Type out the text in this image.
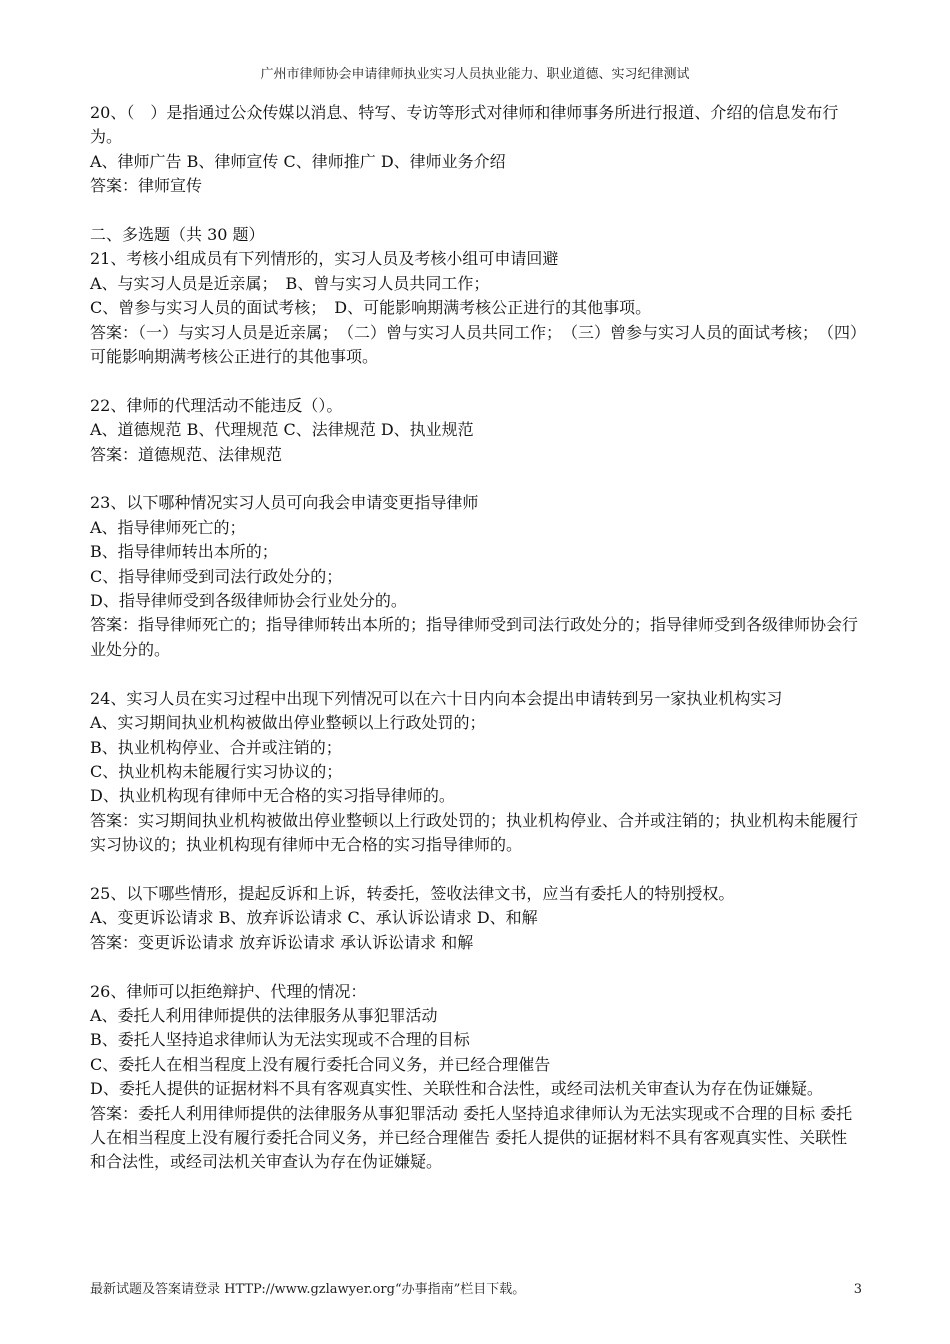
广州市律师协会申请律师执业实习人员执业能力、职业道德、实习纪律测试

20、（　）是指通过公众传媒以消息、特写、专访等形式对律师和律师事务所进行报道、介绍的信息发布行为。

A、律师广告 B、律师宣传 C、律师推广 D、律师业务介绍

答案：律师宣传

二、多选题（共 30 题）

21、考核小组成员有下列情形的，实习人员及考核小组可申请回避

A、与实习人员是近亲属；　B、曾与实习人员共同工作；

C、曾参与实习人员的面试考核；　D、可能影响期满考核公正进行的其他事项。

答案：（一）与实习人员是近亲属；　（二）曾与实习人员共同工作；　（三）曾参与实习人员的面试考核；　（四）可能影响期满考核公正进行的其他事项。

22、律师的代理活动不能违反（）。

A、道德规范 B、代理规范 C、法律规范 D、执业规范

答案：道德规范、法律规范

23、以下哪种情况实习人员可向我会申请变更指导律师

A、指导律师死亡的；

B、指导律师转出本所的；

C、指导律师受到司法行政处分的；

D、指导律师受到各级律师协会行业处分的。

答案：指导律师死亡的；指导律师转出本所的；指导律师受到司法行政处分的；指导律师受到各级律师协会行业处分的。

24、实习人员在实习过程中出现下列情况可以在六十日内向本会提出申请转到另一家执业机构实习

A、实习期间执业机构被做出停业整顿以上行政处罚的；

B、执业机构停业、合并或注销的；

C、执业机构未能履行实习协议的；

D、执业机构现有律师中无合格的实习指导律师的。

答案：实习期间执业机构被做出停业整顿以上行政处罚的；执业机构停业、合并或注销的；执业机构未能履行实习协议的；执业机构现有律师中无合格的实习指导律师的。

25、以下哪些情形，提起反诉和上诉，转委托，签收法律文书，应当有委托人的特别授权。

A、变更诉讼请求 B、放弃诉讼请求 C、承认诉讼请求 D、和解

答案：变更诉讼请求 放弃诉讼请求 承认诉讼请求 和解

26、律师可以拒绝辩护、代理的情况：

A、委托人利用律师提供的法律服务从事犯罪活动

B、委托人坚持追求律师认为无法实现或不合理的目标

C、委托人在相当程度上没有履行委托合同义务，并已经合理催告

D、委托人提供的证据材料不具有客观真实性、关联性和合法性，或经司法机关审查认为存在伪证嫌疑。

答案：委托人利用律师提供的法律服务从事犯罪活动 委托人坚持追求律师认为无法实现或不合理的目标 委托人在相当程度上没有履行委托合同义务，并已经合理催告 委托人提供的证据材料不具有客观真实性、关联性和合法性，或经司法机关审查认为存在伪证嫌疑。

最新试题及答案请登录 HTTP://www.gzlawyer.org“办事指南”栏目下载。	3
